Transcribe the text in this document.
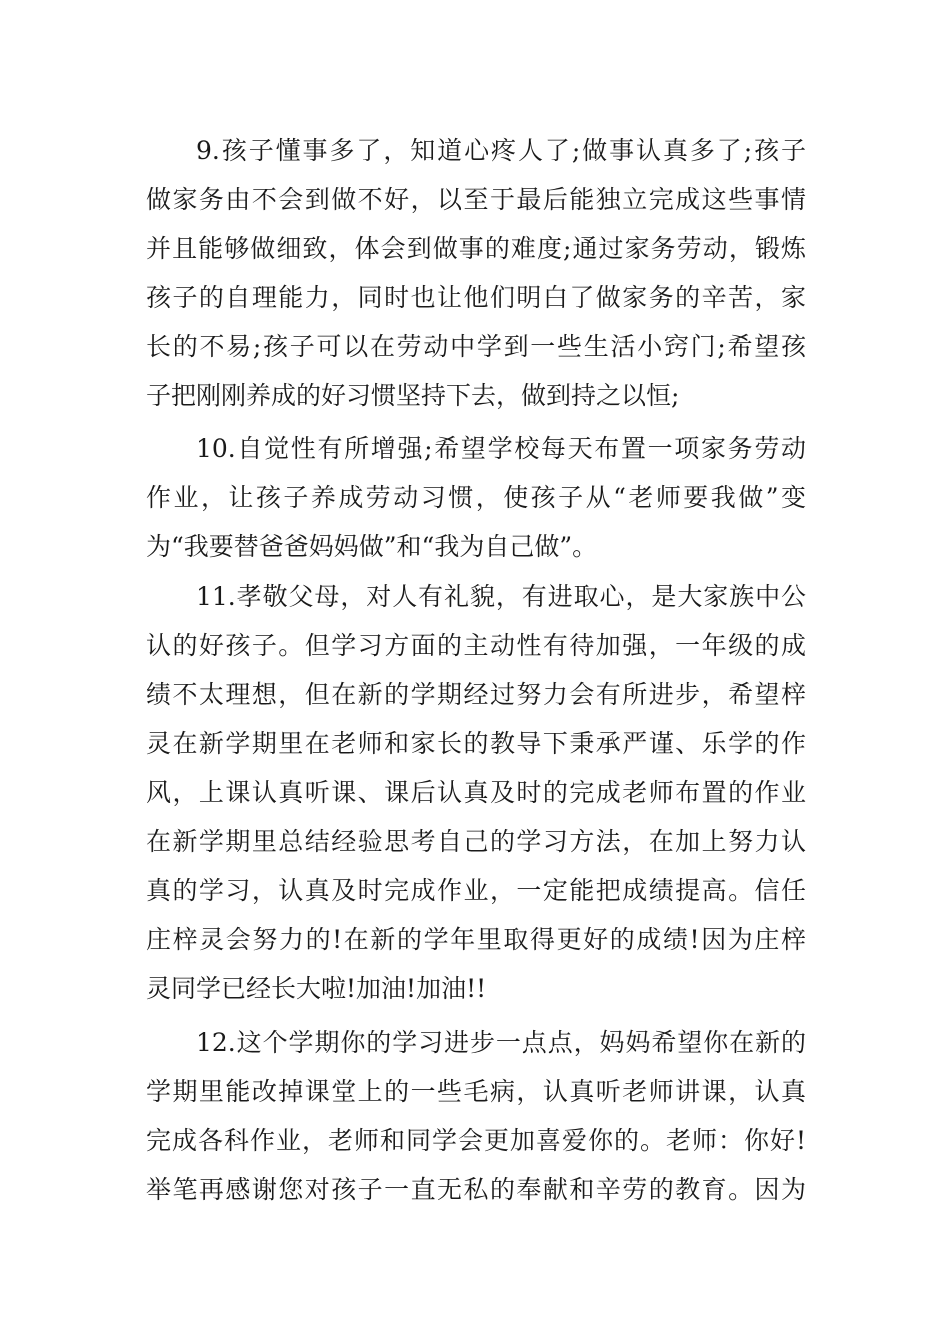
9.孩子懂事多了，知道心疼人了;做事认真多了;孩子
做家务由不会到做不好，以至于最后能独立完成这些事情
并且能够做细致，体会到做事的难度;通过家务劳动，锻炼
孩子的自理能力，同时也让他们明白了做家务的辛苦，家
长的不易;孩子可以在劳动中学到一些生活小窍门;希望孩
子把刚刚养成的好习惯坚持下去，做到持之以恒;
10.自觉性有所增强;希望学校每天布置一项家务劳动
作业，让孩子养成劳动习惯，使孩子从“老师要我做”变
为“我要替爸爸妈妈做”和“我为自己做”。
11.孝敬父母，对人有礼貌，有进取心，是大家族中公
认的好孩子。但学习方面的主动性有待加强，一年级的成
绩不太理想，但在新的学期经过努力会有所进步，希望梓
灵在新学期里在老师和家长的教导下秉承严谨、乐学的作
风，上课认真听课、课后认真及时的完成老师布置的作业
在新学期里总结经验思考自己的学习方法，在加上努力认
真的学习，认真及时完成作业，一定能把成绩提高。信任
庄梓灵会努力的!在新的学年里取得更好的成绩!因为庄梓
灵同学已经长大啦!加油!加油!!
12.这个学期你的学习进步一点点，妈妈希望你在新的
学期里能改掉课堂上的一些毛病，认真听老师讲课，认真
完成各科作业，老师和同学会更加喜爱你的。老师：你好!
举笔再感谢您对孩子一直无私的奉献和辛劳的教育。因为
